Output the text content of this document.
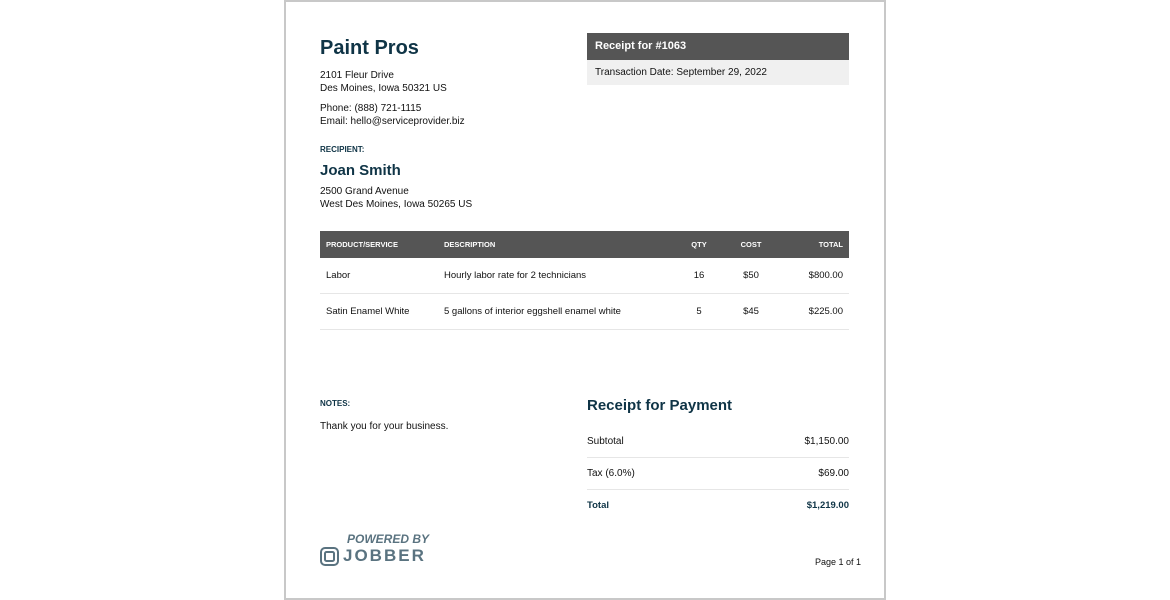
Paint Pros
2101 Fleur Drive
Des Moines, Iowa 50321 US
Phone: (888) 721-1115
Email: hello@serviceprovider.biz
Receipt for #1063
Transaction Date: September 29, 2022
RECIPIENT:
Joan Smith
2500 Grand Avenue
West Des Moines, Iowa 50265 US
PRODUCT/SERVICE	DESCRIPTION	QTY	COST	TOTAL
Labor	Hourly labor rate for 2 technicians	16	$50	$800.00
Satin Enamel White	5 gallons of interior eggshell enamel white	5	$45	$225.00
NOTES:
Thank you for your business.
Receipt for Payment
Subtotal	$1,150.00
Tax (6.0%)	$69.00
Total	$1,219.00
POWERED BY
JOBBER	Page 1 of 1
